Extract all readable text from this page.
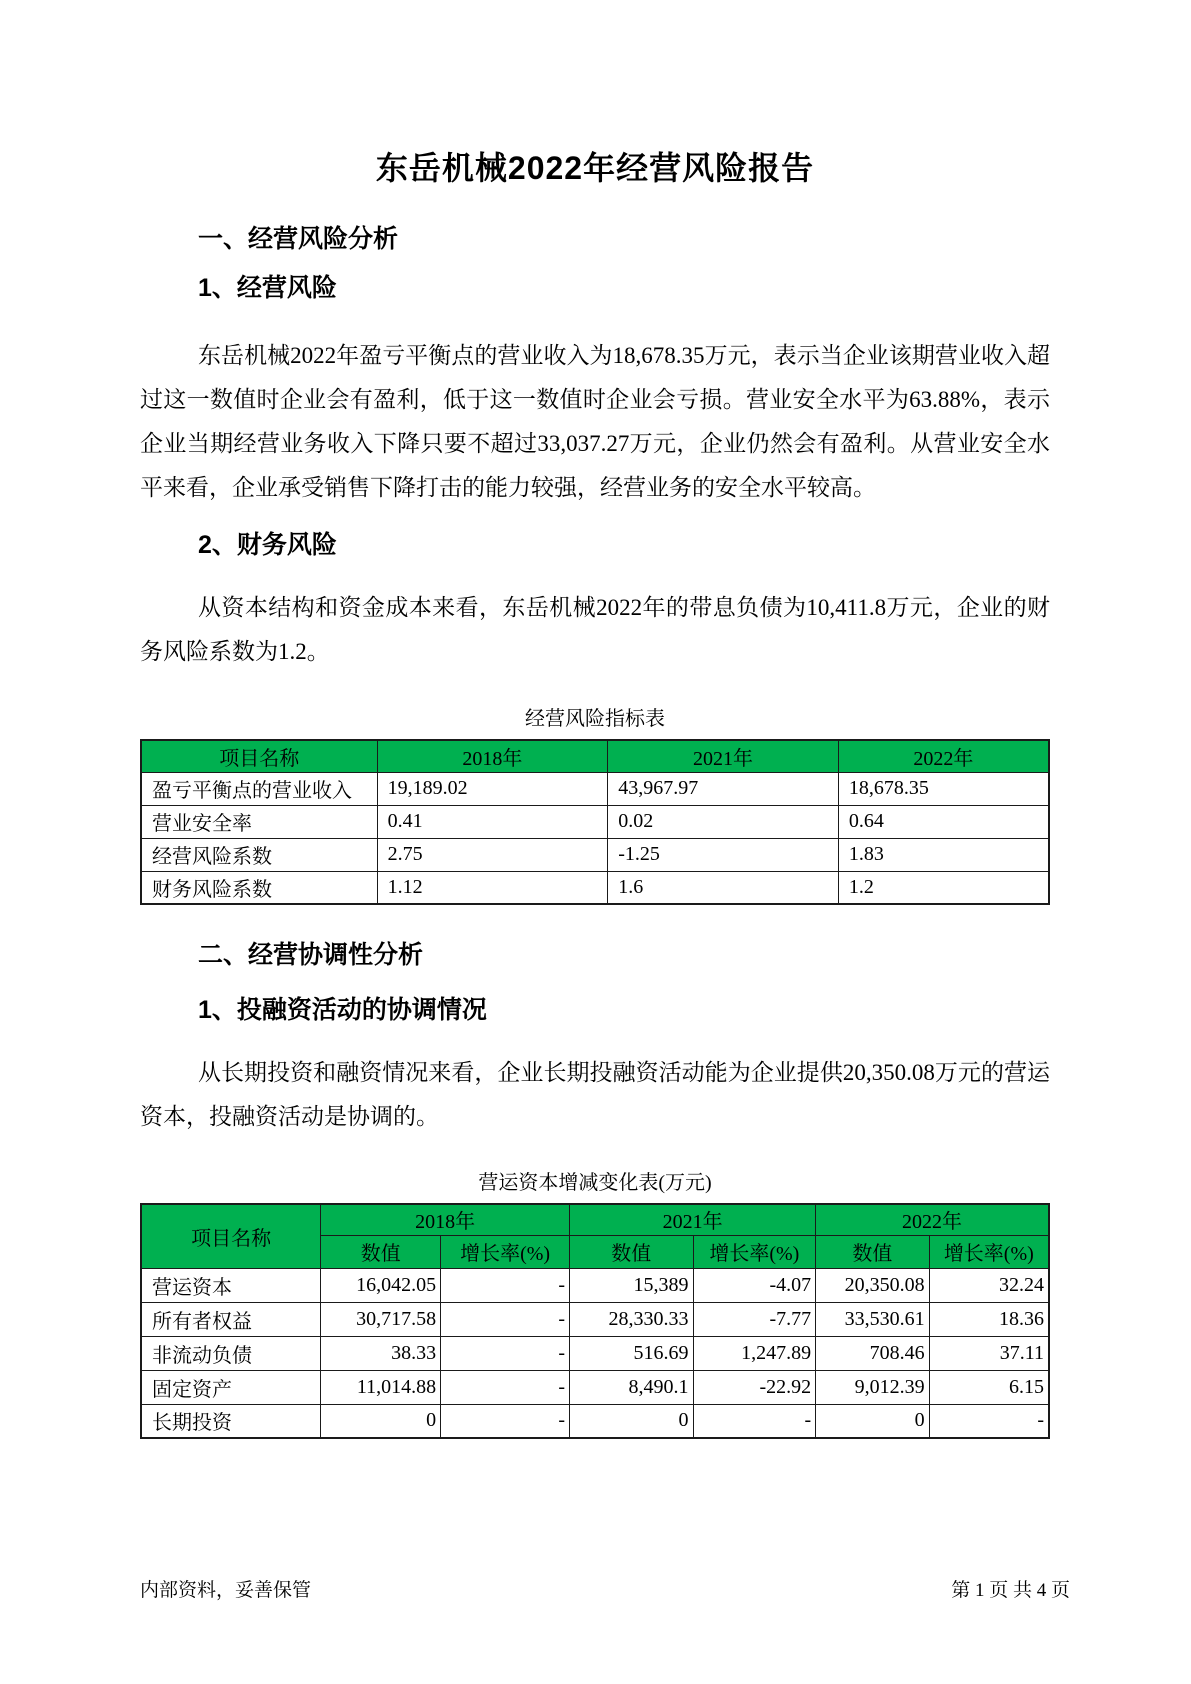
东岳机械2022年经营风险报告
一、经营风险分析
1、经营风险

东岳机械2022年盈亏平衡点的营业收入为18,678.35万元，表示当企业该期营业收入超过这一数值时企业会有盈利，低于这一数值时企业会亏损。营业安全水平为63.88%，表示企业当期经营业务收入下降只要不超过33,037.27万元，企业仍然会有盈利。从营业安全水平来看，企业承受销售下降打击的能力较强，经营业务的安全水平较高。

2、财务风险

从资本结构和资金成本来看，东岳机械2022年的带息负债为10,411.8万元，企业的财务风险系数为1.2。

经营风险指标表
项目名称	2018年	2021年	2022年
盈亏平衡点的营业收入	19,189.02	43,967.97	18,678.35
营业安全率	0.41	0.02	0.64
经营风险系数	2.75	-1.25	1.83
财务风险系数	1.12	1.6	1.2
二、经营协调性分析
1、投融资活动的协调情况

从长期投资和融资情况来看，企业长期投融资活动能为企业提供20,350.08万元的营运资本，投融资活动是协调的。

营运资本增减变化表(万元)
项目名称	2018年		2021年		2022年	
	数值	增长率(%)	数值	增长率(%)	数值	增长率(%)
营运资本	16,042.05	-	15,389	-4.07	20,350.08	32.24
所有者权益	30,717.58	-	28,330.33	-7.77	33,530.61	18.36
非流动负债	38.33	-	516.69	1,247.89	708.46	37.11
固定资产	11,014.88	-	8,490.1	-22.92	9,012.39	6.15
长期投资	0	-	0	-	0	-
内部资料，妥善保管	第 1 页 共 4 页
